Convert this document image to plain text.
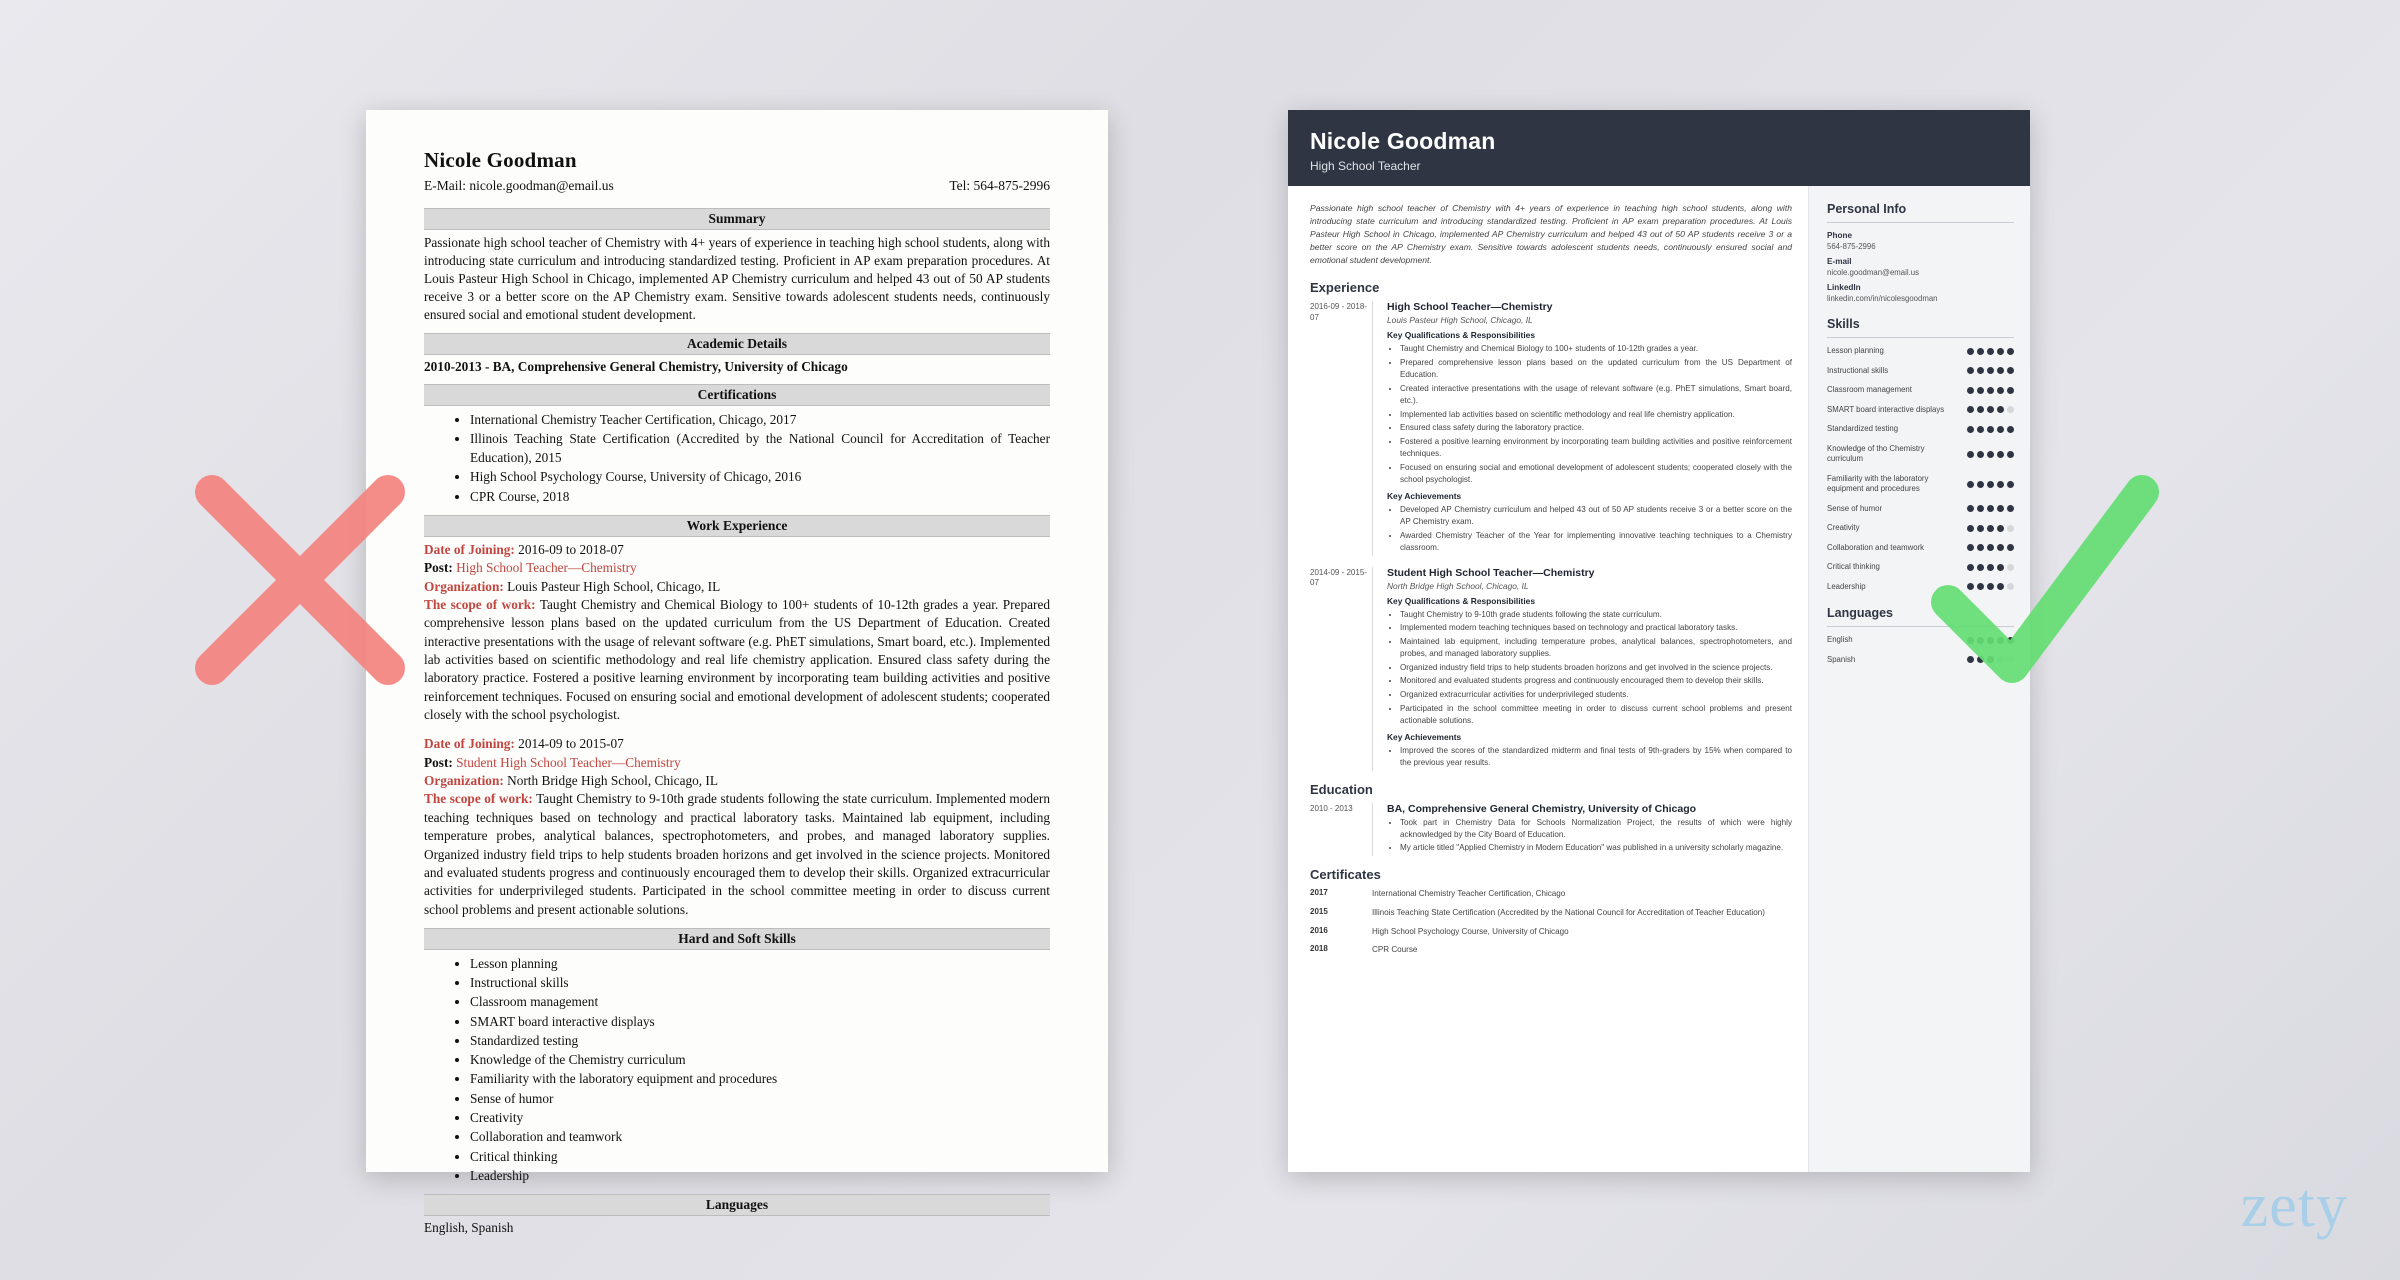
Nicole Goodman
E-Mail: nicole.goodman@email.us	Tel: 564-875-2996
Summary

Passionate high school teacher of Chemistry with 4+ years of experience in teaching high school students, along with introducing state curriculum and introducing standardized testing. Proficient in AP exam preparation procedures. At Louis Pasteur High School in Chicago, implemented AP Chemistry curriculum and helped 43 out of 50 AP students receive 3 or a better score on the AP Chemistry exam. Sensitive towards adolescent students needs, continuously ensured social and emotional student development.

Academic Details

2010-2013 - BA, Comprehensive General Chemistry, University of Chicago

Certifications
• International Chemistry Teacher Certification, Chicago, 2017
• Illinois Teaching State Certification (Accredited by the National Council for Accreditation of Teacher Education), 2015
• High School Psychology Course, University of Chicago, 2016
• CPR Course, 2018
Work Experience

Date of Joining: 2016-09 to 2018-07

Post: High School Teacher—Chemistry

Organization: Louis Pasteur High School, Chicago, IL

The scope of work: Taught Chemistry and Chemical Biology to 100+ students of 10-12th grades a year. Prepared comprehensive lesson plans based on the updated curriculum from the US Department of Education. Created interactive presentations with the usage of relevant software (e.g. PhET simulations, Smart board, etc.). Implemented lab activities based on scientific methodology and real life chemistry application. Ensured class safety during the laboratory practice. Fostered a positive learning environment by incorporating team building activities and positive reinforcement techniques. Focused on ensuring social and emotional development of adolescent students; cooperated closely with the school psychologist.

Date of Joining: 2014-09 to 2015-07

Post: Student High School Teacher—Chemistry

Organization: North Bridge High School, Chicago, IL

The scope of work: Taught Chemistry to 9-10th grade students following the state curriculum. Implemented modern teaching techniques based on technology and practical laboratory tasks. Maintained lab equipment, including temperature probes, analytical balances, spectrophotometers, and probes, and managed laboratory supplies. Organized industry field trips to help students broaden horizons and get involved in the science projects. Monitored and evaluated students progress and continuously encouraged them to develop their skills. Organized extracurricular activities for underprivileged students. Participated in the school committee meeting in order to discuss current school problems and present actionable solutions.

Hard and Soft Skills
• Lesson planning
• Instructional skills
• Classroom management
• SMART board interactive displays
• Standardized testing
• Knowledge of the Chemistry curriculum
• Familiarity with the laboratory equipment and procedures
• Sense of humor
• Creativity
• Collaboration and teamwork
• Critical thinking
• Leadership
Languages
English, Spanish
Nicole Goodman
High School Teacher

Passionate high school teacher of Chemistry with 4+ years of experience in teaching high school students, along with introducing state curriculum and introducing standardized testing. Proficient in AP exam preparation procedures. At Louis Pasteur High School in Chicago, implemented AP Chemistry curriculum and helped 43 out of 50 AP students receive 3 or a better score on the AP Chemistry exam. Sensitive towards adolescent students needs, continuously ensured social and emotional student development.

Experience
2016-09 - 2018-07
High School Teacher—Chemistry
Louis Pasteur High School, Chicago, IL
Key Qualifications & Responsibilities
• Taught Chemistry and Chemical Biology to 100+ students of 10-12th grades a year.
• Prepared comprehensive lesson plans based on the updated curriculum from the US Department of Education.
• Created interactive presentations with the usage of relevant software (e.g. PhET simulations, Smart board, etc.).
• Implemented lab activities based on scientific methodology and real life chemistry application.
• Ensured class safety during the laboratory practice.
• Fostered a positive learning environment by incorporating team building activities and positive reinforcement techniques.
• Focused on ensuring social and emotional development of adolescent students; cooperated closely with the school psychologist.
Key Achievements
• Developed AP Chemistry curriculum and helped 43 out of 50 AP students receive 3 or a better score on the AP Chemistry exam.
• Awarded Chemistry Teacher of the Year for implementing innovative teaching techniques to a Chemistry classroom.
2014-09 - 2015-07
Student High School Teacher—Chemistry
North Bridge High School, Chicago, IL
Key Qualifications & Responsibilities
• Taught Chemistry to 9-10th grade students following the state curriculum.
• Implemented modern teaching techniques based on technology and practical laboratory tasks.
• Maintained lab equipment, including temperature probes, analytical balances, spectrophotometers, and probes, and managed laboratory supplies.
• Organized industry field trips to help students broaden horizons and get involved in the science projects.
• Monitored and evaluated students progress and continuously encouraged them to develop their skills.
• Organized extracurricular activities for underprivileged students.
• Participated in the school committee meeting in order to discuss current school problems and present actionable solutions.
Key Achievements
• Improved the scores of the standardized midterm and final tests of 9th-graders by 15% when compared to the previous year results.
Education
2010 - 2013	BA, Comprehensive General Chemistry, University of Chicago
• Took part in Chemistry Data for Schools Normalization Project, the results of which were highly acknowledged by the City Board of Education.
• My article titled "Applied Chemistry in Modern Education" was published in a university scholarly magazine.
Certificates
2017	International Chemistry Teacher Certification, Chicago
2015	Illinois Teaching State Certification (Accredited by the National Council for Accreditation of Teacher Education)
2016	High School Psychology Course, University of Chicago
2018	CPR Course
Personal Info
Phone
564-875-2996
E-mail
nicole.goodman@email.us
LinkedIn
linkedin.com/in/nicolesgoodman
Skills
Lesson planning
Instructional skills
Classroom management
SMART board interactive displays
Standardized testing
Knowledge of tho Chemistry curriculum
Familiarity with the laboratory equipment and procedures
Sense of humor
Creativity
Collaboration and teamwork
Critical thinking
Leadership
Languages
English
Spanish
zety
